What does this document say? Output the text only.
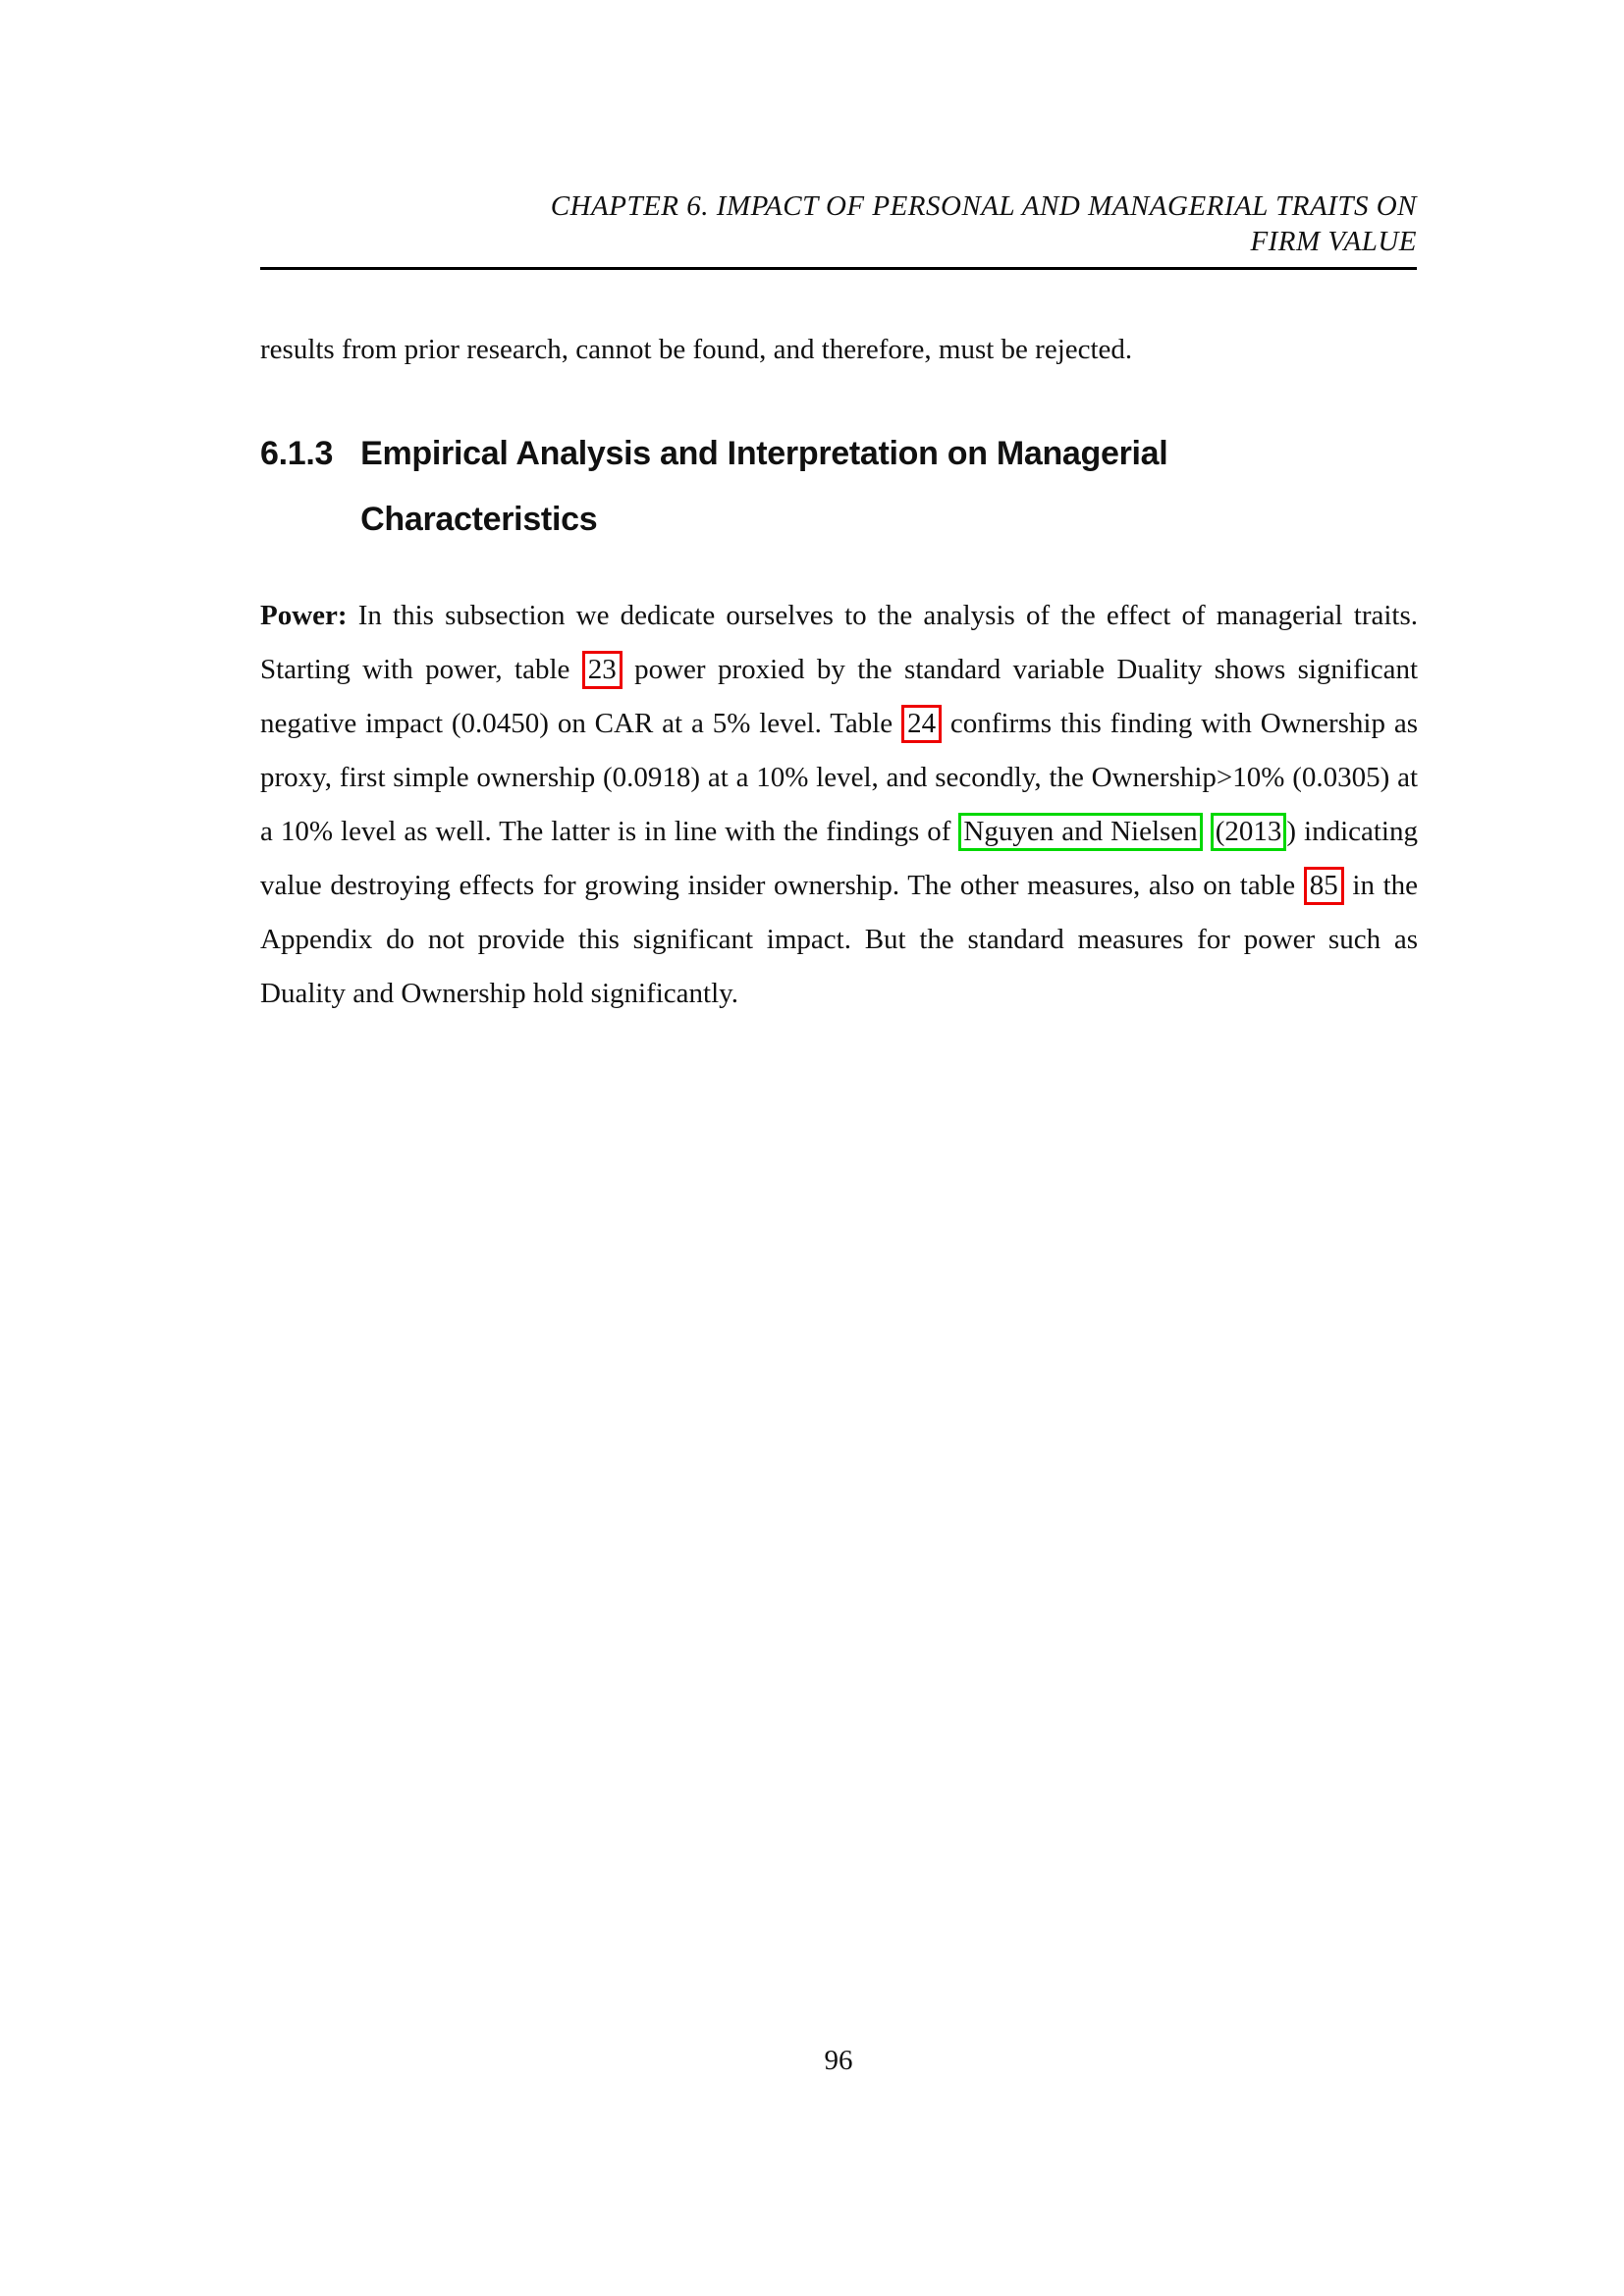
CHAPTER 6. IMPACT OF PERSONAL AND MANAGERIAL TRAITS ON
FIRM VALUE
results from prior research, cannot be found, and therefore, must be rejected.
6.1.3 Empirical Analysis and Interpretation on Managerial
Characteristics

Power: In this subsection we dedicate ourselves to the analysis of the effect of managerial traits. Starting with power, table 23 power proxied by the standard variable Duality shows significant negative impact (0.0450) on CAR at a 5% level. Table 24 confirms this finding with Ownership as proxy, first simple ownership (0.0918) at a 10% level, and secondly, the Ownership>10% (0.0305) at a 10% level as well. The latter is in line with the findings of Nguyen and Nielsen (2013 ) indicating value destroying effects for growing insider ownership. The other measures, also on table 85 in the Appendix do not provide this significant impact. But the standard measures for power such as Duality and Ownership hold significantly.

96
